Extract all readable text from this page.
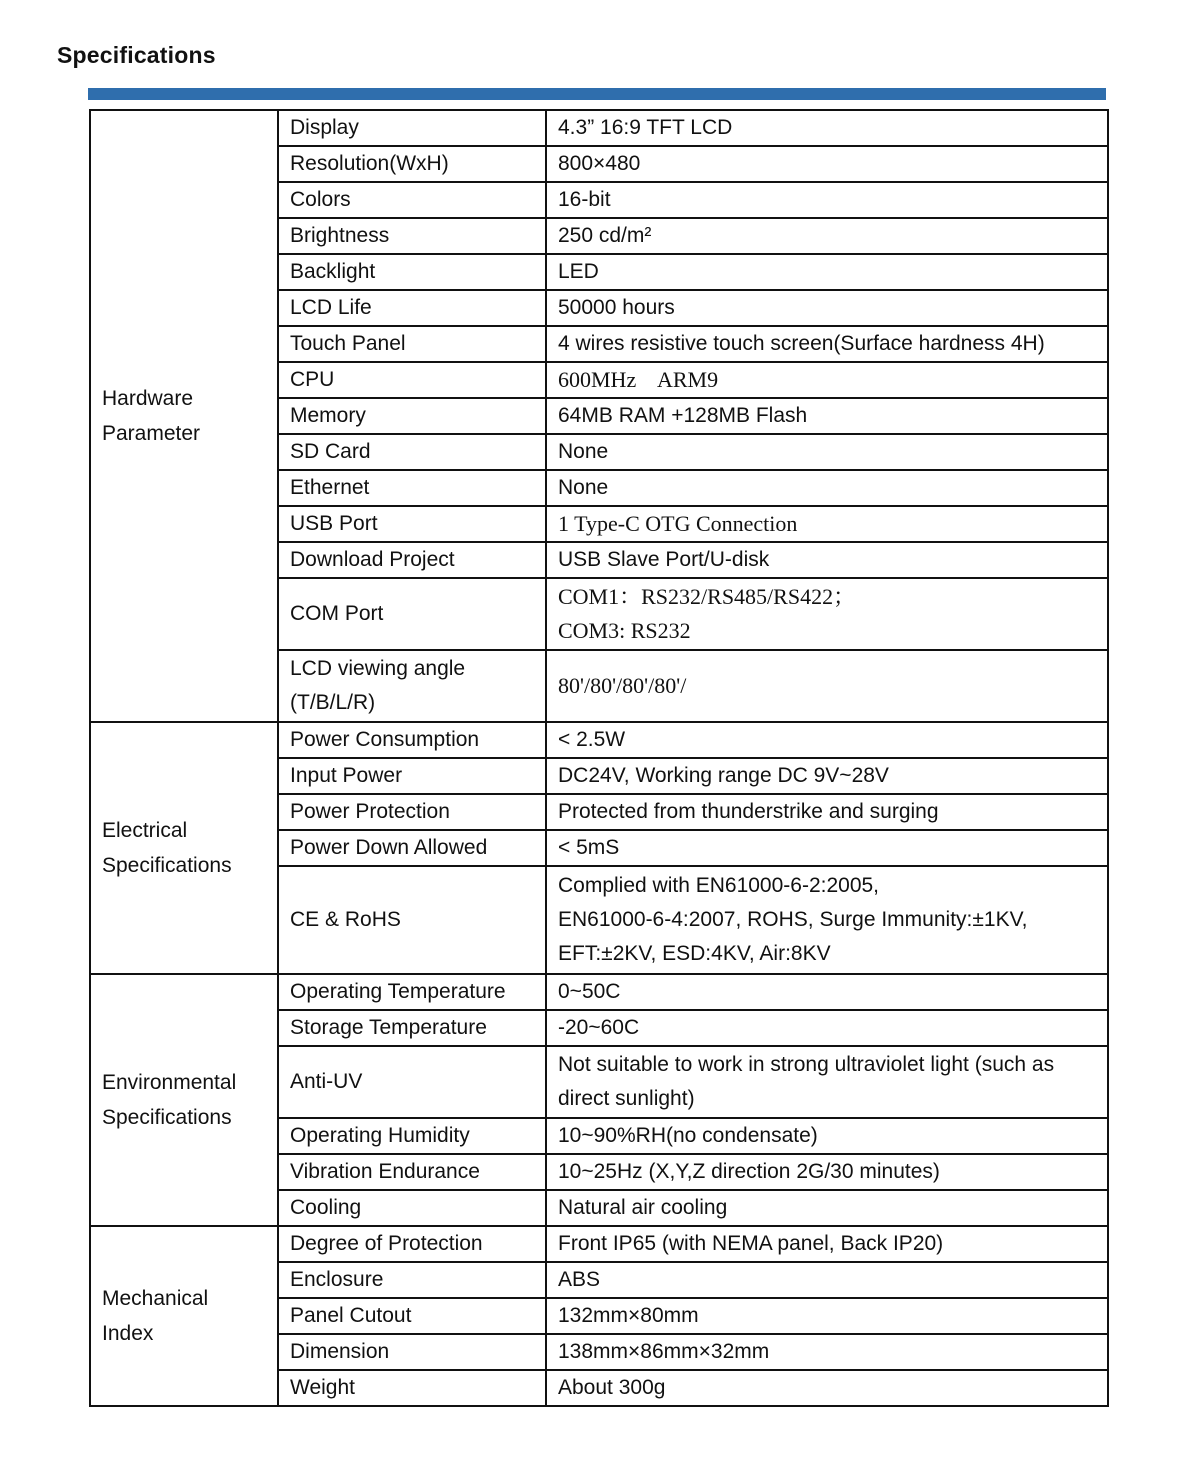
Specifications
Hardware
Parameter	Display	4.3” 16:9 TFT LCD

	Resolution(WxH)	800×480

	Colors	16-bit

	Brightness	250 cd/m²

	Backlight	LED

	LCD Life	50000 hours

	Touch Panel	4 wires resistive touch screen(Surface hardness 4H)

	CPU	600MHz    ARM9

	Memory	64MB RAM +128MB Flash

	SD Card	None

	Ethernet	None

	USB Port	1 Type-C OTG Connection

	Download Project	USB Slave Port/U-disk

	COM Port	COM1：RS232/RS485/RS422；
COM3: RS232

	LCD viewing angle
(T/B/L/R)	80'/80'/80'/80'/

Electrical
Specifications	Power Consumption	< 2.5W

	Input Power	DC24V, Working range DC 9V~28V

	Power Protection	Protected from thunderstrike and surging

	Power Down Allowed	< 5mS

	CE & RoHS	Complied with EN61000-6-2:2005,
EN61000-6-4:2007, ROHS, Surge Immunity:±1KV,
EFT:±2KV, ESD:4KV, Air:8KV

Environmental
Specifications	Operating Temperature	0~50C

	Storage Temperature	-20~60C

	Anti-UV	Not suitable to work in strong ultraviolet light (such as
direct sunlight)

	Operating Humidity	10~90%RH(no condensate)

	Vibration Endurance	10~25Hz (X,Y,Z direction 2G/30 minutes)

	Cooling	Natural air cooling

Mechanical
Index	Degree of Protection	Front IP65 (with NEMA panel, Back IP20)

	Enclosure	ABS

	Panel Cutout	132mm×80mm

	Dimension	138mm×86mm×32mm

	Weight	About 300g
